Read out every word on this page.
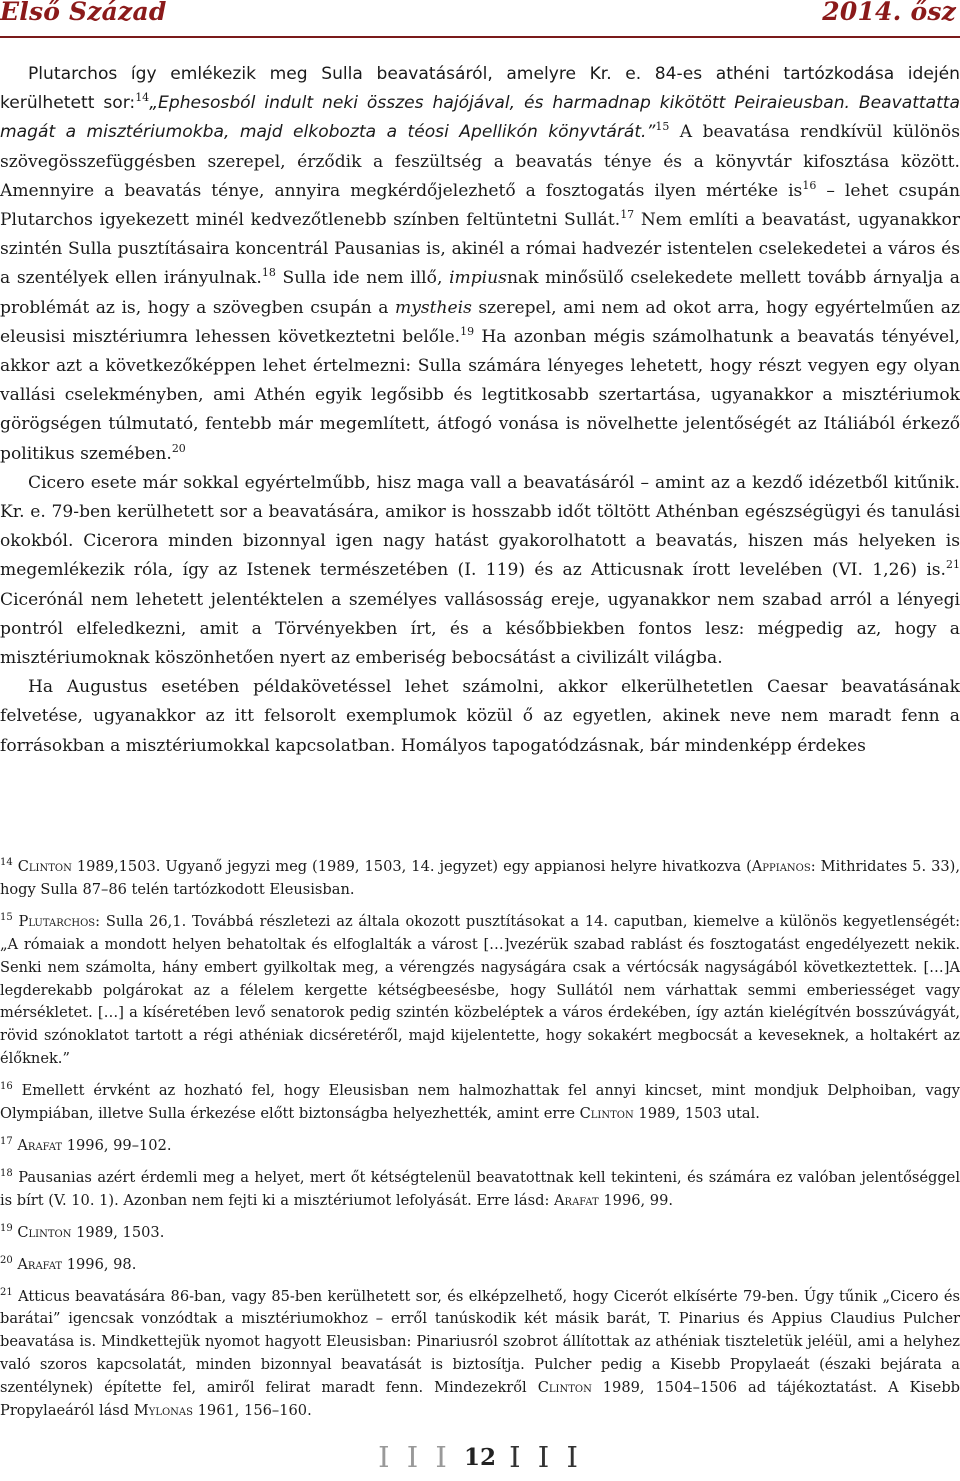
Első Század	2014. ősz

Plutarchos így emlékezik meg Sulla beavatásáról, amelyre Kr. e. 84-es athéni tartózkodása idején kerülhetett sor:$^{14}$„Ephesosból indult neki összes hajójával, és harmadnap kikötött Peiraieusban. Beavattatta magát a misztériumokba, majd elkobozta a téosi Apellikón könyvtárát.”$^{15}$ A beavatása rendkívül különös szövegösszefüggésben szerepel, érződik a feszültség a beavatás ténye és a könyvtár kifosztása között. Amennyire a beavatás ténye, annyira megkérdőjelezhető a fosztogatás ilyen mértéke $is^{16}$ – lehet csupán Plutarchos igyekezett minél kedvezőtlenebb színben feltüntetni Sullát.$^{17}$ Nem említi a beavatást, ugyanakkor szintén Sulla pusztításaira koncentrál Pausanias is, akinél a római hadvezér istentelen cselekedetei a város és a szentélyek ellen irányulnak.$^{18}$ Sulla ide nem illő, impiusnak minősülő cselekedete mellett tovább árnyalja a problémát az is, hogy a szövegben csupán a mystheis szerepel, ami nem ad okot arra, hogy egyértelműen az eleusisi misztériumra lehessen következtetni belőle.$^{19}$ Ha azonban mégis számolhatunk a beavatás tényével, akkor azt a következőképpen lehet értelmezni: Sulla számára lényeges lehetett, hogy részt vegyen egy olyan vallási cselekményben, ami Athén egyik legősibb és legtitkosabb szertartása, ugyanakkor a misztériumok görögségen túlmutató, fentebb már megemlített, átfogó vonása is növelhette jelentőségét az Itáliából érkező politikus szemében.$^{20}$

Cicero esete már sokkal egyértelműbb, hisz maga vall a beavatásáról – amint az a kezdő idézetből kitűnik. Kr. e. 79-ben kerülhetett sor a beavatására, amikor is hosszabb időt töltött Athénban egészségügyi és tanulási okokból. Cicerora minden bizonnyal igen nagy hatást gyakorolhatott a beavatás, hiszen más helyeken is megemlékezik róla, így az Istenek természetében (I. 119) és az Atticusnak írott levelében (VI. 1,26) is.$^{21}$ Cicerónál nem lehetett jelentéktelen a személyes vallásosság ereje, ugyanakkor nem szabad arról a lényegi pontról elfeledkezni, amit a Törvényekben írt, és a későbbiekben fontos lesz: mégpedig az, hogy a misztériumoknak köszönhetően nyert az emberiség bebocsátást a civilizált világba.

Ha Augustus esetében példakövetéssel lehet számolni, akkor elkerülhetetlen Caesar beavatásának felvetése, ugyanakkor az itt felsorolt exemplumok közül ő az egyetlen, akinek neve nem maradt fenn a forrásokban a misztériumokkal kapcsolatban. Homályos tapogatódzásnak, bár mindenképp érdekes

$^{14}$ Clinton 1989,1503. Ugyanő jegyzi meg (1989, 1503, 14. jegyzet) egy appianosi helyre hivatkozva (Appianos: Mithridates 5. 33), hogy Sulla 87–86 telén tartózkodott Eleusisban.
$^{15}$ Plutarchos: Sulla 26,1. Továbbá részletezi az általa okozott pusztításokat a 14. caputban, kiemelve a különös kegyetlenségét: „A rómaiak a mondott helyen behatoltak és elfoglalták a várost […]vezérük szabad rablást és fosztogatást engedélyezett nekik. Senki nem számolta, hány embert gyilkoltak meg, a vérengzés nagyságára csak a vértócsák nagyságából következtettek. […]A legderekabb polgárokat az a félelem kergette kétségbeesésbe, hogy Sullától nem várhattak semmi emberiességet vagy mérsékletet. […] a kíséretében levő senatorok pedig szintén közbeléptek a város érdekében, így aztán kielégítvén bosszúvágyát, rövid szónoklatot tartott a régi athéniak dicséretéről, majd kijelentette, hogy sokakért megbocsát a keveseknek, a holtakért az élőknek.”
$^{16}$ Emellett érvként az hozható fel, hogy Eleusisban nem halmozhattak fel annyi kincset, mint mondjuk Delphoiban, vagy Olympiában, illetve Sulla érkezése előtt biztonságba helyezhették, amint erre Clinton 1989, 1503 utal.
$^{17}$ Arafat 1996, 99–102.
$^{18}$ Pausanias azért érdemli meg a helyet, mert őt kétségtelenül beavatottnak kell tekinteni, és számára ez valóban jelentőséggel is bírt (V. 10. 1). Azonban nem fejti ki a misztériumot lefolyását. Erre lásd: Arafat 1996, 99.
$^{19}$ Clinton 1989, 1503.
$^{20}$ Arafat 1996, 98.
$^{21}$ Atticus beavatására 86-ban, vagy 85-ben kerülhetett sor, és elképzelhető, hogy Cicerót elkísérte 79-ben. Úgy tűnik „Cicero és barátai” igencsak vonzódtak a misztériumokhoz – erről tanúskodik két másik barát, T. Pinarius és Appius Claudius Pulcher beavatása is. Mindkettejük nyomot hagyott Eleusisban: Pinariusról szobrot állítottak az athéniak tiszteletük jeléül, ami a helyhez való szoros kapcsolatát, minden bizonnyal beavatását is biztosítja. Pulcher pedig a Kisebb Propylaeát (északi bejárata a szentélynek) építette fel, amiről felirat maradt fenn. Mindezekről Clinton 1989, 1504–1506 ad tájékoztatást. A Kisebb Propylaeáról lásd Mylonas 1961, 156–160.
I I I 12 I I I
